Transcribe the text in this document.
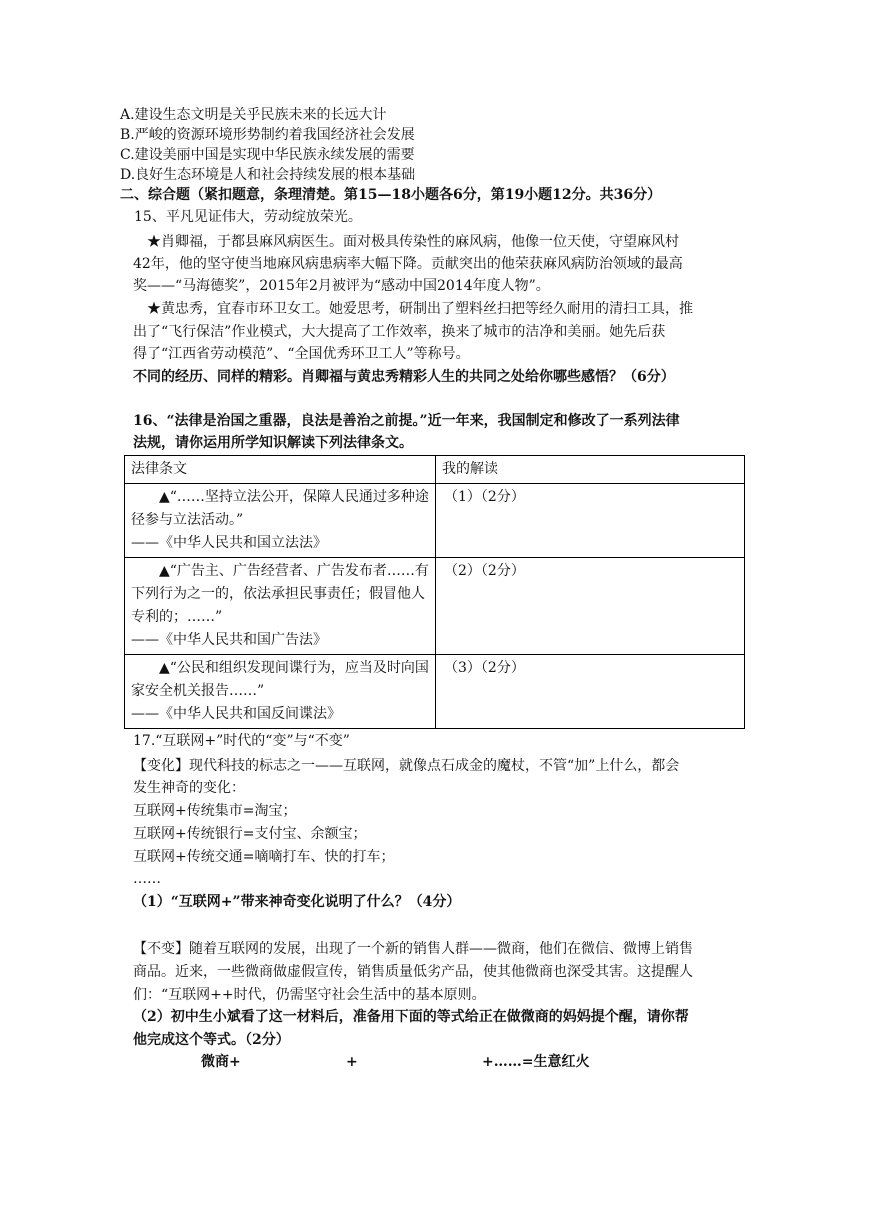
A.建设生态文明是关乎民族未来的长远大计
B.严峻的资源环境形势制约着我国经济社会发展
C.建设美丽中国是实现中华民族永续发展的需要
D.良好生态环境是人和社会持续发展的根本基础
二、综合题（紧扣题意，条理清楚。第15—18小题各6分，第19小题12分。共36分）
15、平凡见证伟大，劳动绽放荣光。
★肖卿福，于都县麻风病医生。面对极具传染性的麻风病，他像一位天使，守望麻风村
42年，他的坚守使当地麻风病患病率大幅下降。贡献突出的他荣获麻风病防治领域的最高
奖——“马海德奖”，2015年2月被评为“感动中国2014年度人物”。
★黄忠秀，宜春市环卫女工。她爱思考，研制出了塑料丝扫把等经久耐用的清扫工具，推
出了“飞行保洁”作业模式，大大提高了工作效率，换来了城市的洁净和美丽。她先后获
得了“江西省劳动模范”、“全国优秀环卫工人”等称号。
不同的经历、同样的精彩。肖卿福与黄忠秀精彩人生的共同之处给你哪些感悟？（6分）
16、“法律是治国之重器，良法是善治之前提。”近一年来，我国制定和修改了一系列法律
法规，请你运用所学知识解读下列法律条文。
法律条文	我的解读

▲“……坚持立法公开，保障人民通过多种途径参与立法活动。”
——《中华人民共和国立法法》	（1）（2分）

▲“广告主、广告经营者、广告发布者……有下列行为之一的，依法承担民事责任；假冒他人专利的；……”
——《中华人民共和国广告法》	（2）（2分）

▲“公民和组织发现间谍行为，应当及时向国家安全机关报告……”
——《中华人民共和国反间谍法》	（3）（2分）
17.“互联网+”时代的“变”与“不变”
【变化】现代科技的标志之一——互联网，就像点石成金的魔杖，不管“加”上什么，都会
发生神奇的变化：
互联网+传统集市=淘宝；
互联网+传统银行=支付宝、余额宝；
互联网+传统交通=嘀嘀打车、快的打车；
……
（1）“互联网+”带来神奇变化说明了什么？（4分）
【不变】随着互联网的发展，出现了一个新的销售人群——微商，他们在微信、微博上销售
商品。近来，一些微商做虚假宣传，销售质量低劣产品，使其他微商也深受其害。这提醒人
们：“互联网++时代，仍需坚守社会生活中的基本原则。
（2）初中生小斌看了这一材料后，准备用下面的等式给正在做微商的妈妈提个醒，请你帮
他完成这个等式。（2分）
微商+	+	+……=生意红火
